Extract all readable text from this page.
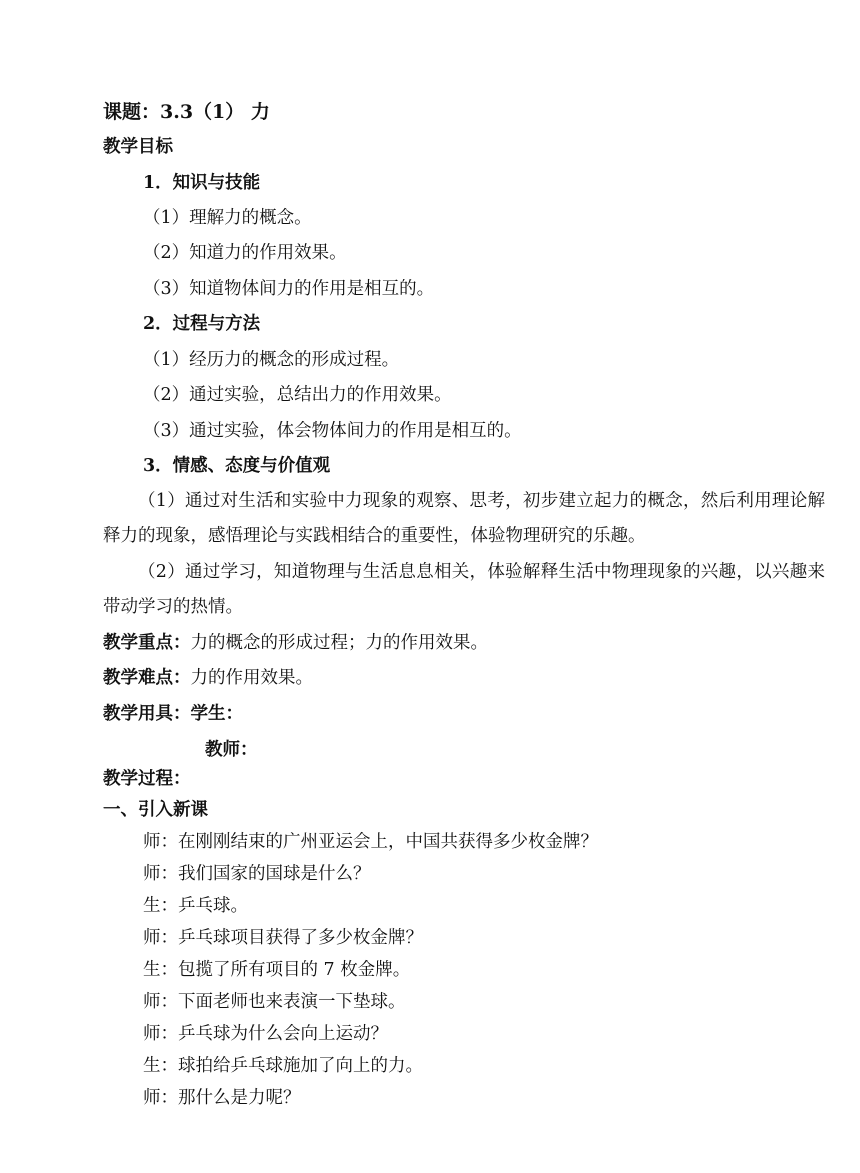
课题：3.3（1） 力
教学目标
1．知识与技能
（1）理解力的概念。
（2）知道力的作用效果。
（3）知道物体间力的作用是相互的。
2．过程与方法
（1）经历力的概念的形成过程。
（2）通过实验，总结出力的作用效果。
（3）通过实验，体会物体间力的作用是相互的。
3．情感、态度与价值观
（1）通过对生活和实验中力现象的观察、思考，初步建立起力的概念，然后利用理论解释力的现象，感悟理论与实践相结合的重要性，体验物理研究的乐趣。
（2）通过学习，知道物理与生活息息相关，体验解释生活中物理现象的兴趣，以兴趣来带动学习的热情。
教学重点：力的概念的形成过程；力的作用效果。
教学难点：力的作用效果。
教学用具：学生：
教师：
教学过程：
一、引入新课
师：在刚刚结束的广州亚运会上，中国共获得多少枚金牌？
师：我们国家的国球是什么？
生：乒乓球。
师：乒乓球项目获得了多少枚金牌？
生：包揽了所有项目的 7 枚金牌。
师：下面老师也来表演一下垫球。
师：乒乓球为什么会向上运动？
生：球拍给乒乓球施加了向上的力。
师：那什么是力呢？
